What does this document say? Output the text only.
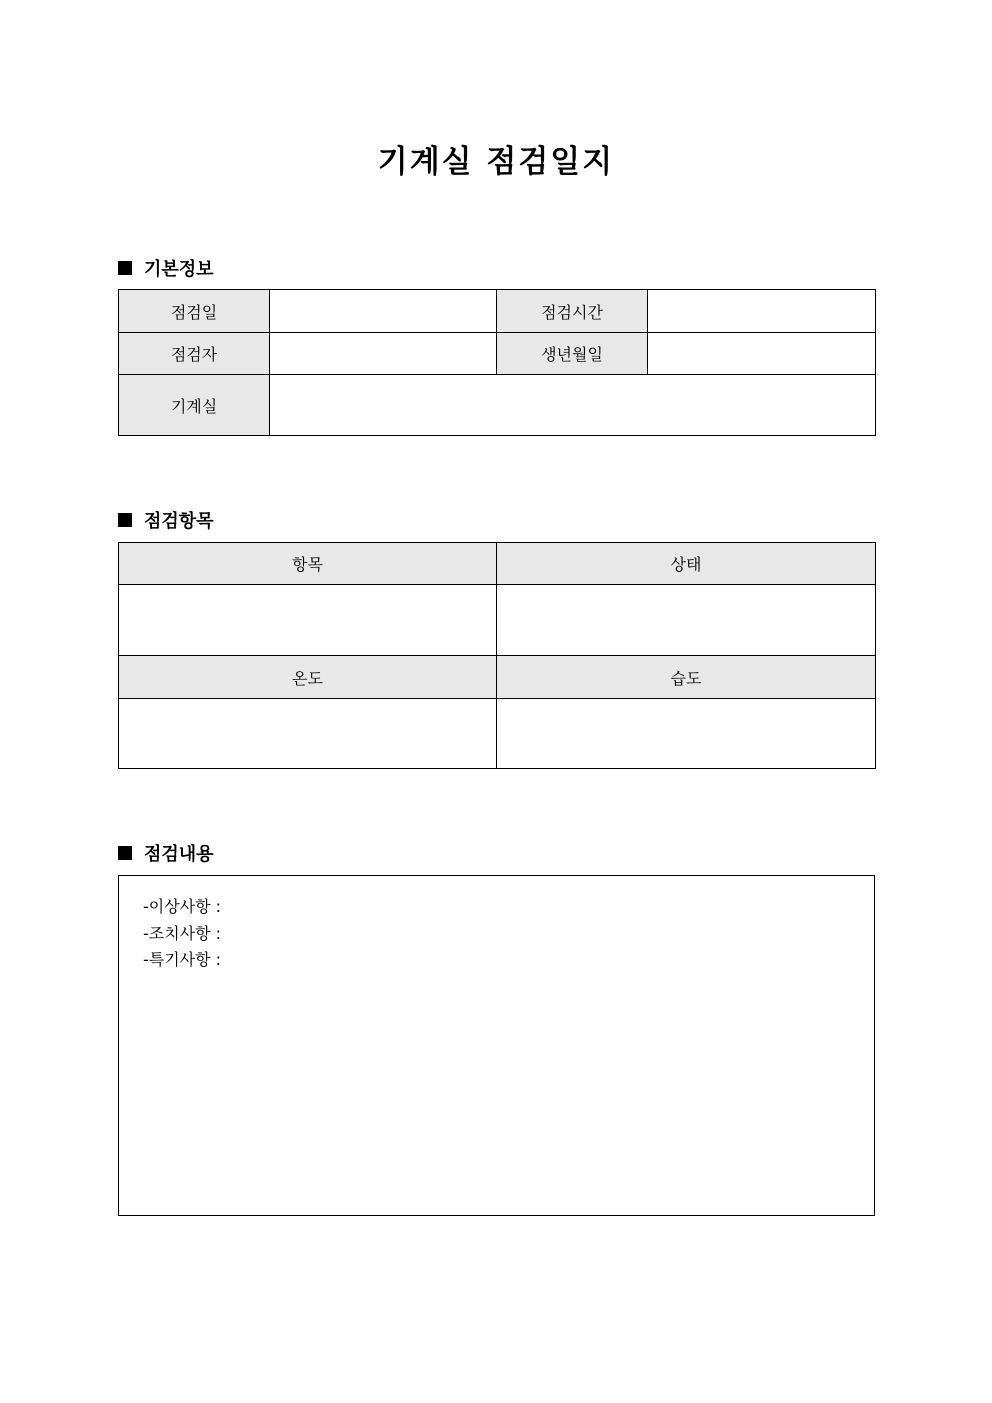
기계실 점검일지
기본정보
점검일		점검시간	
점검자		생년월일	
기계실			
점검항목
항목	상태

온도	습도

점검내용
-이상사항 :
-조치사항 :
-특기사항 :
